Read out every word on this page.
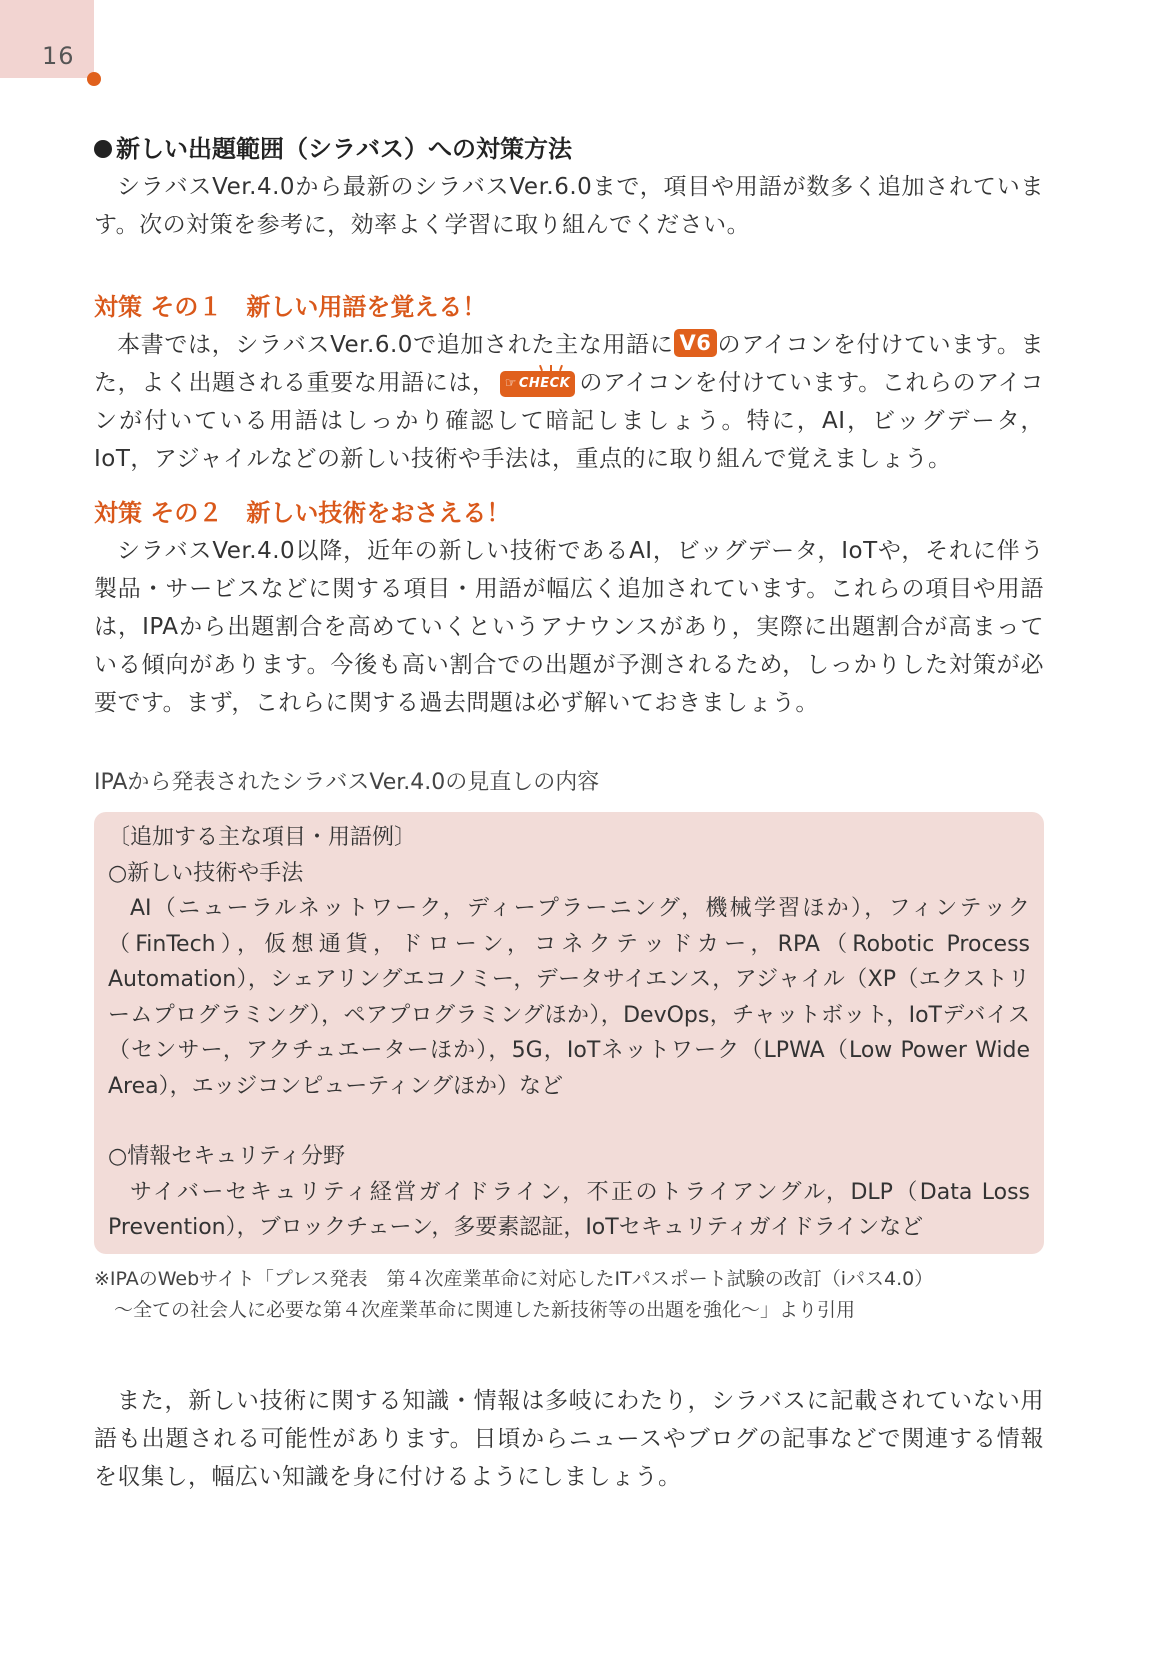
16
新しい出題範囲（シラバス）への対策方法

シラバスVer.4.0から最新のシラバスVer.6.0まで，項目や用語が数多く追加されています。次の対策を参考に，効率よく学習に取り組んでください。

対策 その１　新しい用語を覚える！

本書では，シラバスVer.6.0で追加された主な用語に V6 のアイコンを付けています。また，よく出題される重要な用語には， ☞ CHECK のアイコンを付けています。これらのアイコンが付いている用語はしっかり確認して暗記しましょう。特に，AI，ビッグデータ，IoT，アジャイルなどの新しい技術や手法は，重点的に取り組んで覚えましょう。

対策 その２　新しい技術をおさえる！

シラバスVer.4.0以降，近年の新しい技術であるAI，ビッグデータ，IoTや，それに伴う製品・サービスなどに関する項目・用語が幅広く追加されています。これらの項目や用語は，IPAから出題割合を高めていくというアナウンスがあり，実際に出題割合が高まっている傾向があります。今後も高い割合での出題が予測されるため，しっかりした対策が必要です。まず，これらに関する過去問題は必ず解いておきましょう。

IPAから発表されたシラバスVer.4.0の見直しの内容

〔追加する主な項目・用語例〕

○新しい技術や手法

AI（ニューラルネットワーク，ディープラーニング，機械学習ほか），フィンテック（FinTech），仮想通貨，ドローン，コネクテッドカー，RPA（Robotic Process Automation），シェアリングエコノミー，データサイエンス，アジャイル（XP（エクストリームプログラミング），ペアプログラミングほか），DevOps，チャットボット，IoTデバイス（センサー，アクチュエーターほか），5G，IoTネットワーク（LPWA（Low Power Wide Area），エッジコンピューティングほか）など

○情報セキュリティ分野

サイバーセキュリティ経営ガイドライン，不正のトライアングル，DLP（Data Loss Prevention），ブロックチェーン，多要素認証，IoTセキュリティガイドラインなど

※IPAのWebサイト「プレス発表　第４次産業革命に対応したITパスポート試験の改訂（iパス4.0）

～全ての社会人に必要な第４次産業革命に関連した新技術等の出題を強化～」より引用

また，新しい技術に関する知識・情報は多岐にわたり，シラバスに記載されていない用語も出題される可能性があります。日頃からニュースやブログの記事などで関連する情報を収集し，幅広い知識を身に付けるようにしましょう。
